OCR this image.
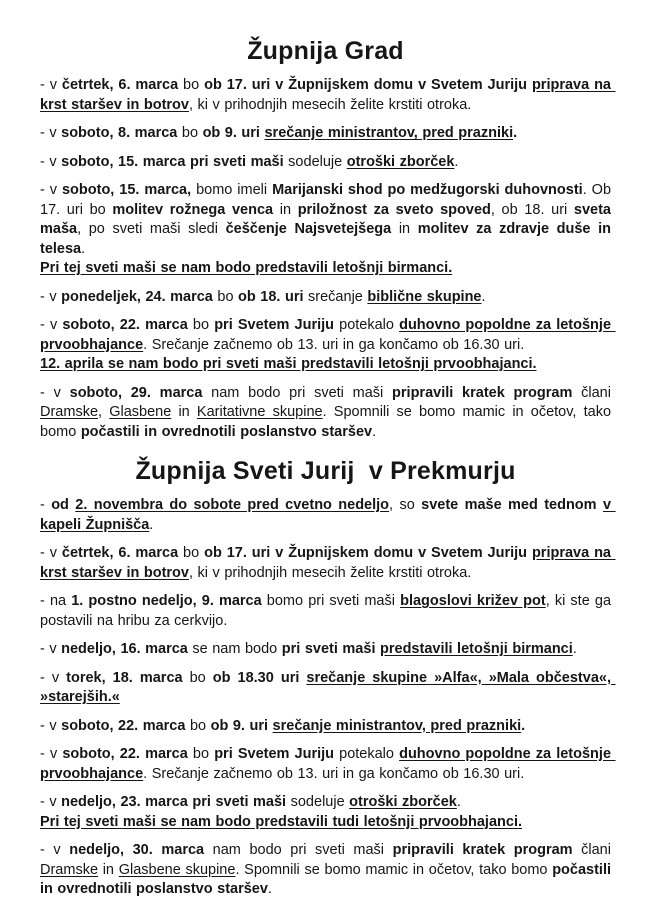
Župnija Grad

- v četrtek, 6. marca bo ob 17. uri v Župnijskem domu v Svetem Juriju priprava na krst staršev in botrov, ki v prihodnjih mesecih želite krstiti otroka.

- v soboto, 8. marca bo ob 9. uri srečanje ministrantov, pred prazniki.

- v soboto, 15. marca pri sveti maši sodeluje otroški zborček.

- v soboto, 15. marca, bomo imeli Marijanski shod po medžugorski duhovnosti. Ob 17. uri bo molitev rožnega venca in priložnost za sveto spoved, ob 18. uri sveta maša, po sveti maši sledi češčenje Najsvetejšega in molitev za zdravje duše in telesa.
Pri tej sveti maši se nam bodo predstavili letošnji birmanci.

- v ponedeljek, 24. marca bo ob 18. uri srečanje biblične skupine.

- v soboto, 22. marca bo pri Svetem Juriju potekalo duhovno popoldne za letošnje prvoobhajance. Srečanje začnemo ob 13. uri in ga končamo ob 16.30 uri.
12. aprila se nam bodo pri sveti maši predstavili letošnji prvoobhajanci.

- v soboto, 29. marca nam bodo pri sveti maši pripravili kratek program člani Dramske, Glasbene in Karitativne skupine. Spomnili se bomo mamic in očetov, tako bomo počastili in ovrednotili poslanstvo staršev.

Župnija Sveti Jurij  v Prekmurju

- od 2. novembra do sobote pred cvetno nedeljo, so svete maše med tednom v kapeli Župnišča.

- v četrtek, 6. marca bo ob 17. uri v Župnijskem domu v Svetem Juriju priprava na krst staršev in botrov, ki v prihodnjih mesecih želite krstiti otroka.

- na 1. postno nedeljo, 9. marca bomo pri sveti maši blagoslovi križev pot, ki ste ga postavili na hribu za cerkvijo.

- v nedeljo, 16. marca se nam bodo pri sveti maši predstavili letošnji birmanci.

- v torek, 18. marca bo ob 18.30 uri srečanje skupine »Alfa«, »Mala občestva«, »starejših.«

- v soboto, 22. marca bo ob 9. uri srečanje ministrantov, pred prazniki.

- v soboto, 22. marca bo pri Svetem Juriju potekalo duhovno popoldne za letošnje prvoobhajance. Srečanje začnemo ob 13. uri in ga končamo ob 16.30 uri.

- v nedeljo, 23. marca pri sveti maši sodeluje otroški zborček.
Pri tej sveti maši se nam bodo predstavili tudi letošnji prvoobhajanci.

- v nedeljo, 30. marca nam bodo pri sveti maši pripravili kratek program člani Dramske in Glasbene skupine. Spomnili se bomo mamic in očetov, tako bomo počastili in ovrednotili poslanstvo staršev.
